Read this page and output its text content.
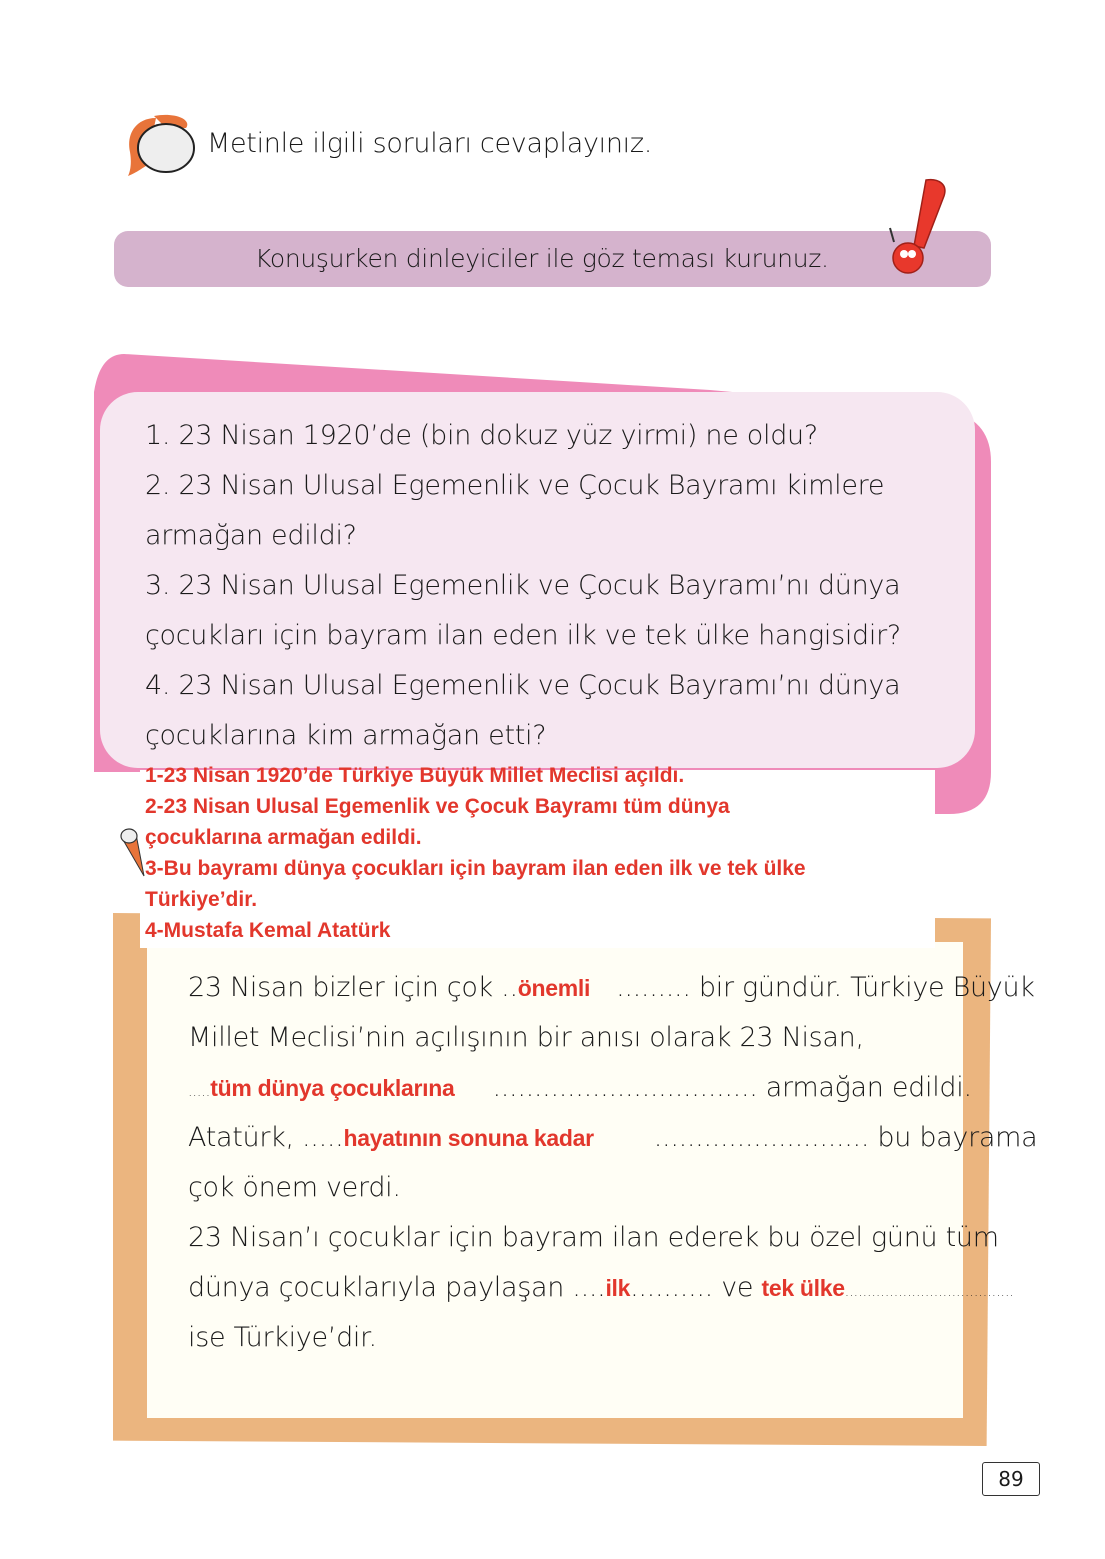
Metinle ilgili soruları cevaplayınız.
Konuşurken dinleyiciler ile göz teması kurunuz.
1. 23 Nisan 1920’de (bin dokuz yüz yirmi) ne oldu?
2. 23 Nisan Ulusal Egemenlik ve Çocuk Bayramı kimlere
armağan edildi?
3. 23 Nisan Ulusal Egemenlik ve Çocuk Bayramı’nı dünya
çocukları için bayram ilan eden ilk ve tek ülke hangisidir?
4. 23 Nisan Ulusal Egemenlik ve Çocuk Bayramı’nı dünya
çocuklarına kim armağan etti?
1-23 Nisan 1920’de Türkiye Büyük Millet Meclisi açıldı.
2-23 Nisan Ulusal Egemenlik ve Çocuk Bayramı tüm dünya
çocuklarına armağan edildi.
3-Bu bayramı dünya çocukları için bayram ilan eden ilk ve tek ülke
Türkiye’dir.
4-Mustafa Kemal Atatürk
23 Nisan bizler için çok ..önemli ......... bir gündür. Türkiye Büyük
Millet Meclisi’nin açılışının bir anısı olarak 23 Nisan,
.....tüm dünya çocuklarına ................................ armağan edildi.
Atatürk, .....hayatının sonuna kadar .......................... bu bayrama
çok önem verdi.
23 Nisan’ı çocuklar için bayram ilan ederek bu özel günü tüm
dünya çocuklarıyla paylaşan ....ilk.......... ve tek ülke......................................
ise Türkiye’dir.
89
